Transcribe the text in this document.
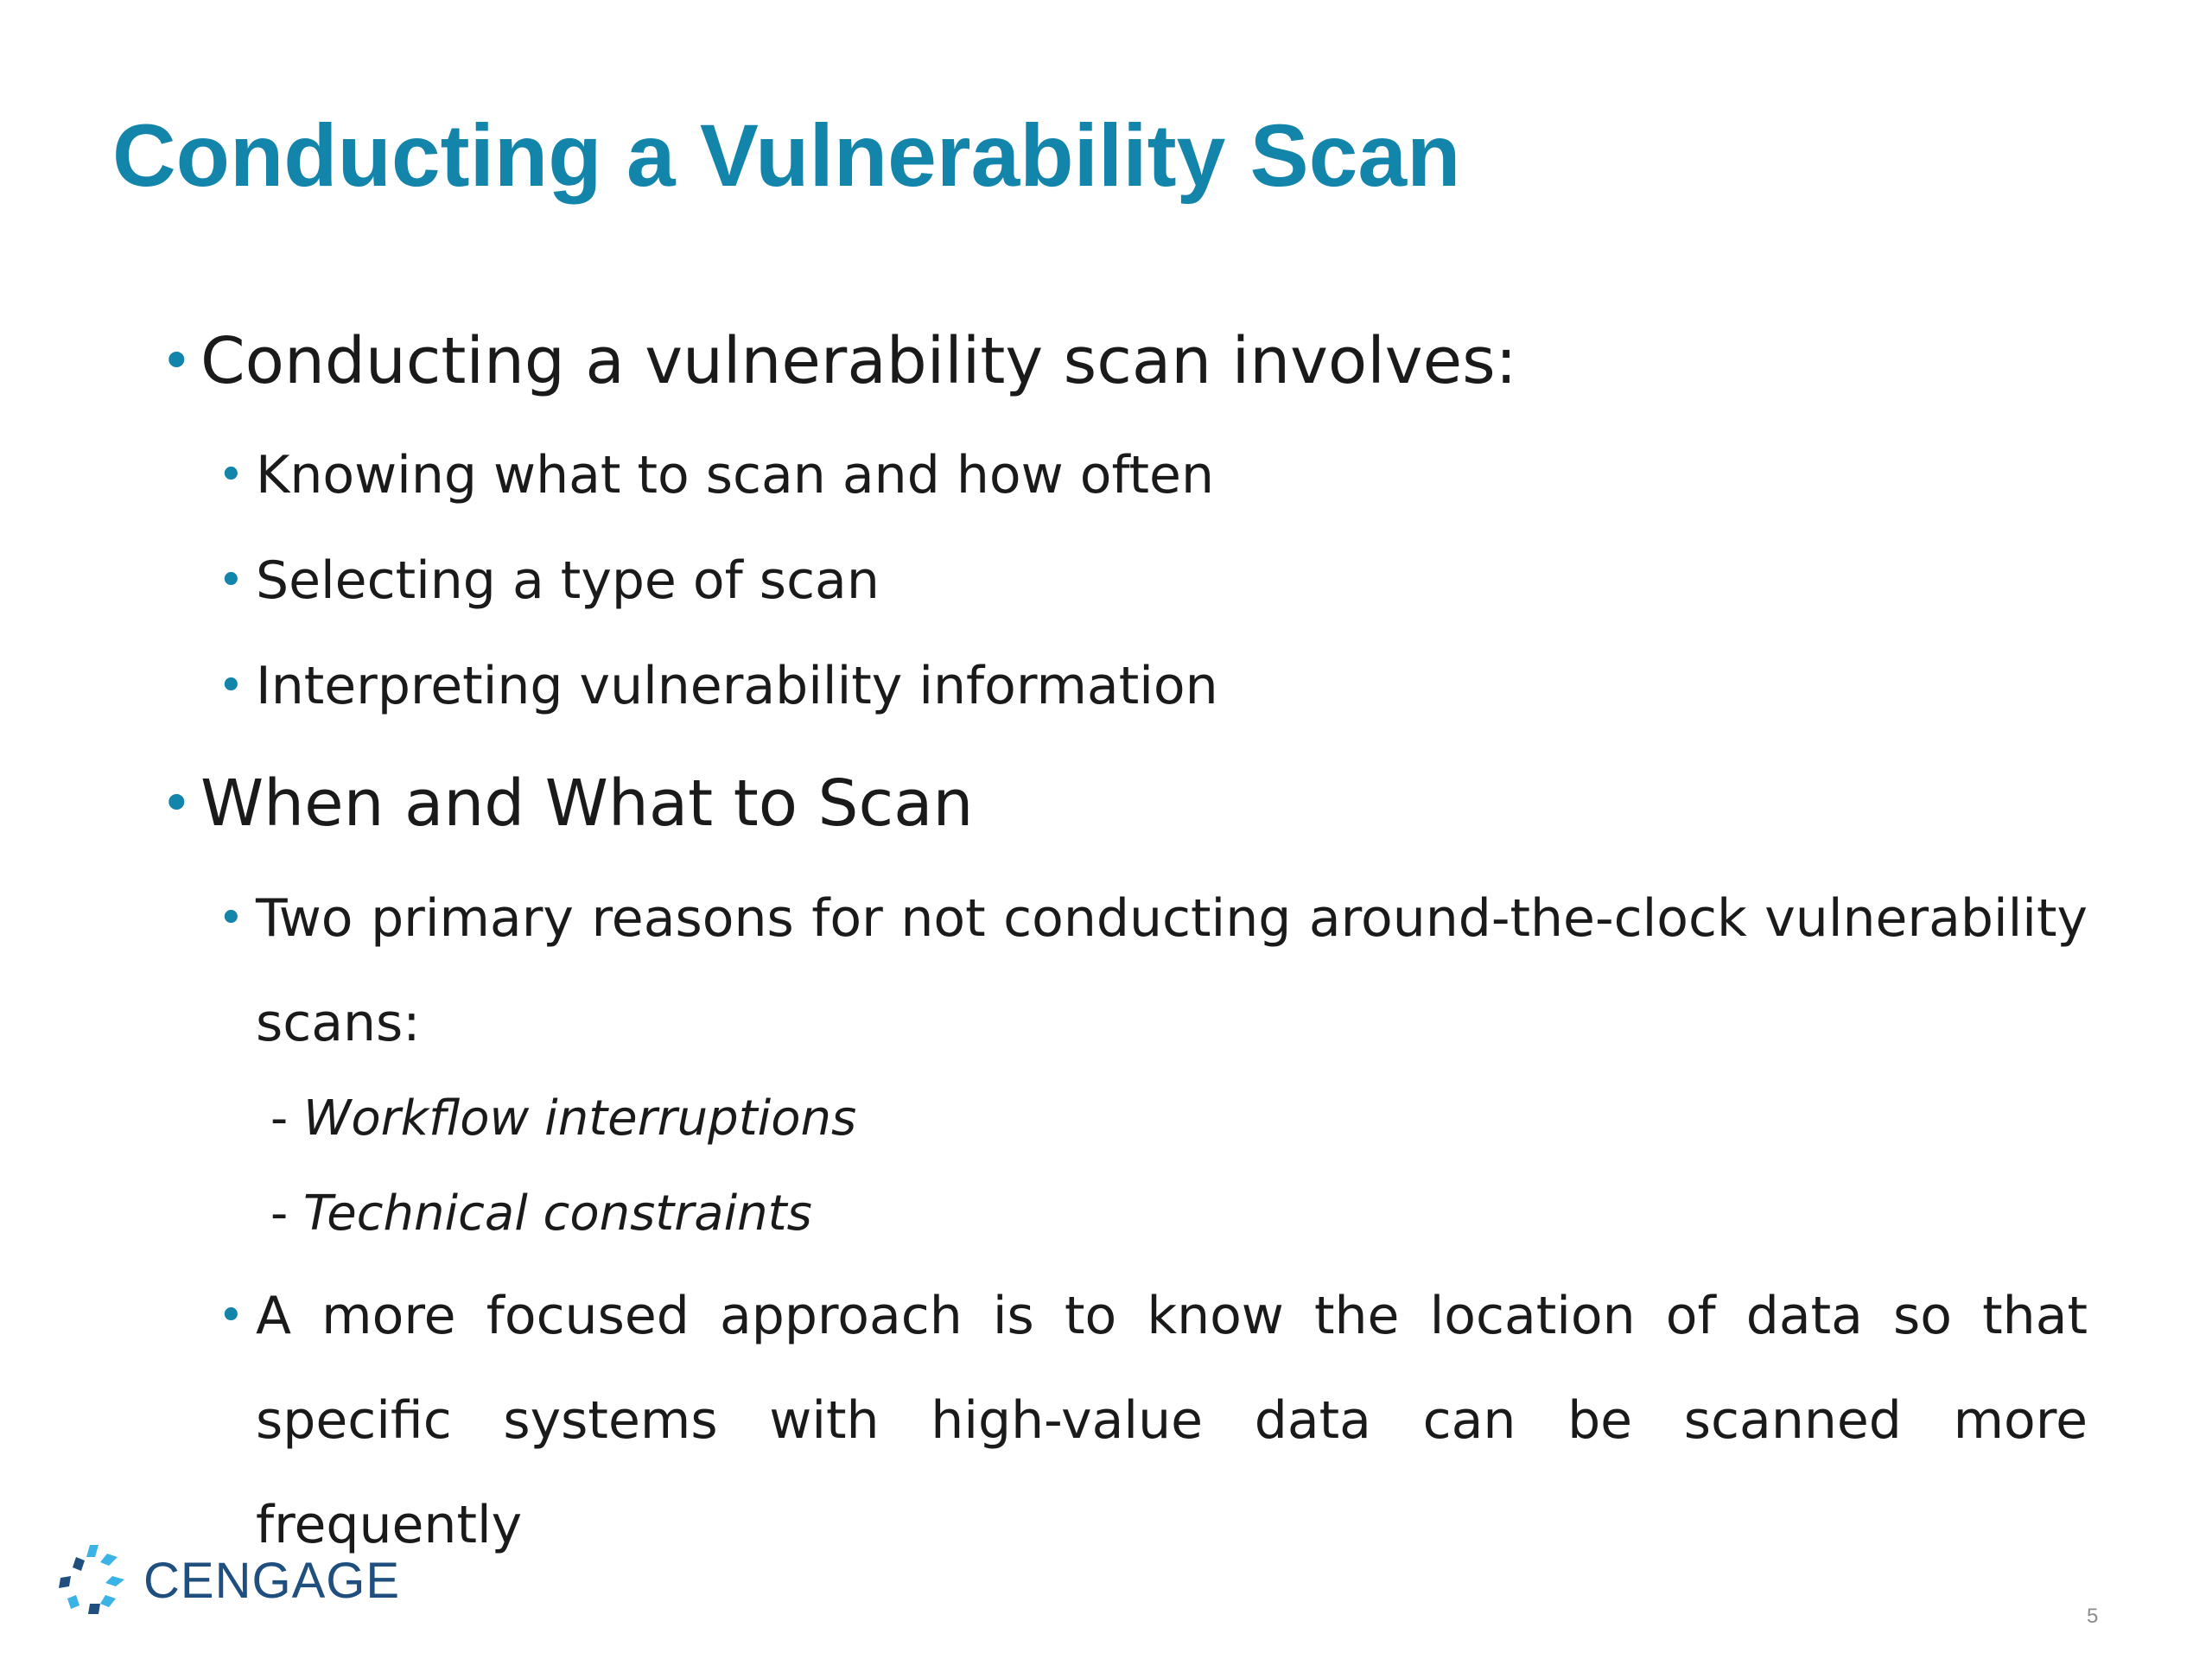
Conducting a Vulnerability Scan
• Conducting a vulnerability scan involves:
• Knowing what to scan and how often
• Selecting a type of scan
• Interpreting vulnerability information
• When and What to Scan
• Two primary reasons for not conducting around-the-clock vulnerability scans:
- Workflow interruptions
- Technical constraints
• A more focused approach is to know the location of data so that specific systems with high-value data can be scanned more frequently
CENGAGE
5
